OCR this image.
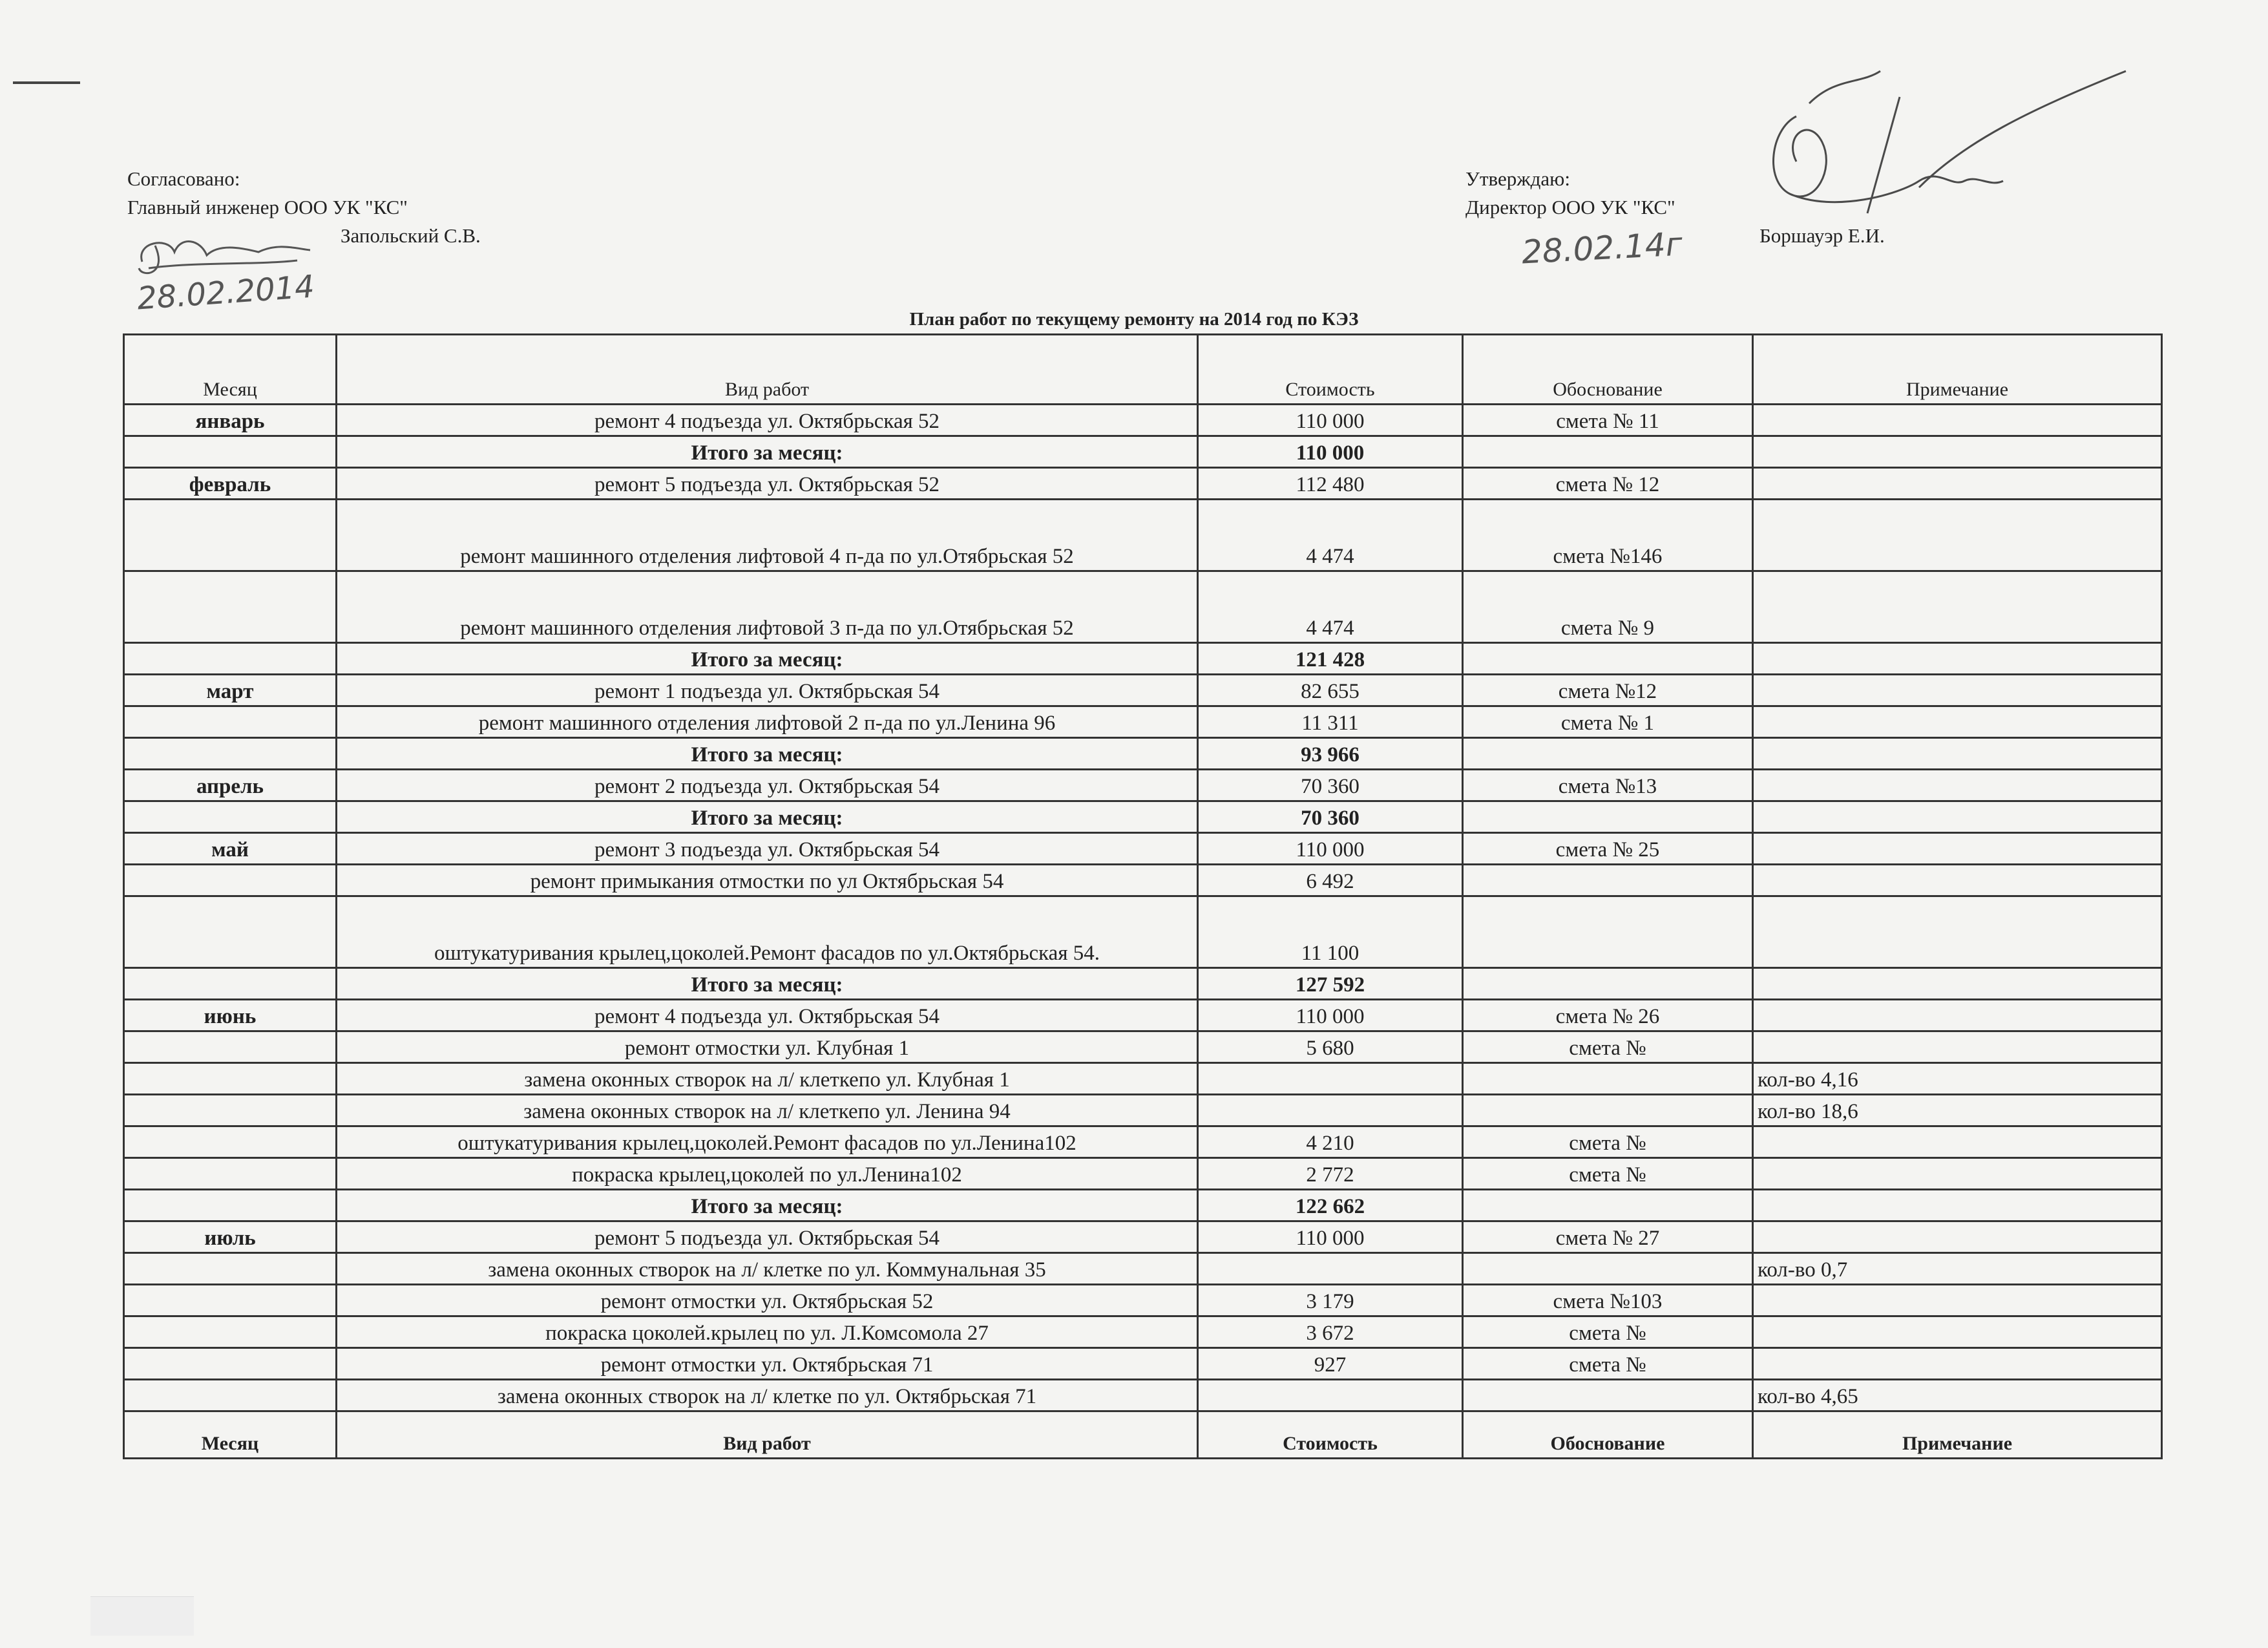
Согласовано:
Главный инженер ООО УК "КС"
Запольский С.В.
28.02.2014
Утверждаю:
Директор ООО УК "КС"
Боршауэр Е.И.
28.02.14г
План работ по текущему ремонту на 2014 год по КЭЗ
Месяц	Вид работ	Стоимость	Обоснование	Примечание
январь	ремонт 4 подъезда ул. Октябрьская 52	110 000	смета № 11	
	Итого за месяц:	110 000		
февраль	ремонт 5 подъезда ул. Октябрьская 52	112 480	смета № 12	
	ремонт машинного отделения лифтовой 4 п-да по ул.Отябрьская 52	4 474	смета №146	
	ремонт машинного отделения лифтовой 3 п-да по ул.Отябрьская 52	4 474	смета № 9	
	Итого за месяц:	121 428		
март	ремонт 1 подъезда ул. Октябрьская 54	82 655	смета №12	
	ремонт машинного отделения лифтовой 2 п-да по ул.Ленина 96	11 311	смета № 1	
	Итого за месяц:	93 966		
апрель	ремонт 2 подъезда ул. Октябрьская 54	70 360	смета №13	
	Итого за месяц:	70 360		
май	ремонт 3 подъезда ул. Октябрьская 54	110 000	смета № 25	
	ремонт примыкания отмостки по ул Октябрьская 54	6 492		
	оштукатуривания крылец,цоколей.Ремонт фасадов по ул.Октябрьская 54.	11 100		
	Итого за месяц:	127 592		
июнь	ремонт 4 подъезда ул. Октябрьская 54	110 000	смета № 26	
	ремонт отмостки ул. Клубная 1	5 680	смета №	
	замена оконных створок на л/ клеткепо ул. Клубная 1			кол-во 4,16
	замена оконных створок на л/ клеткепо ул. Ленина 94			кол-во 18,6
	оштукатуривания крылец,цоколей.Ремонт фасадов по ул.Ленина102	4 210	смета №	
	покраска крылец,цоколей по ул.Ленина102	2 772	смета №	
	Итого за месяц:	122 662		
июль	ремонт 5 подъезда ул. Октябрьская 54	110 000	смета № 27	
	замена оконных створок на л/ клетке по ул. Коммунальная 35			кол-во 0,7
	ремонт отмостки ул. Октябрьская 52	3 179	смета №103	
	покраска цоколей.крылец по ул. Л.Комсомола 27	3 672	смета №	
	ремонт отмостки ул. Октябрьская 71	927	смета №	
	замена оконных створок на л/ клетке по ул. Октябрьская 71			кол-во 4,65
Месяц	Вид работ	Стоимость	Обоснование	Примечание
